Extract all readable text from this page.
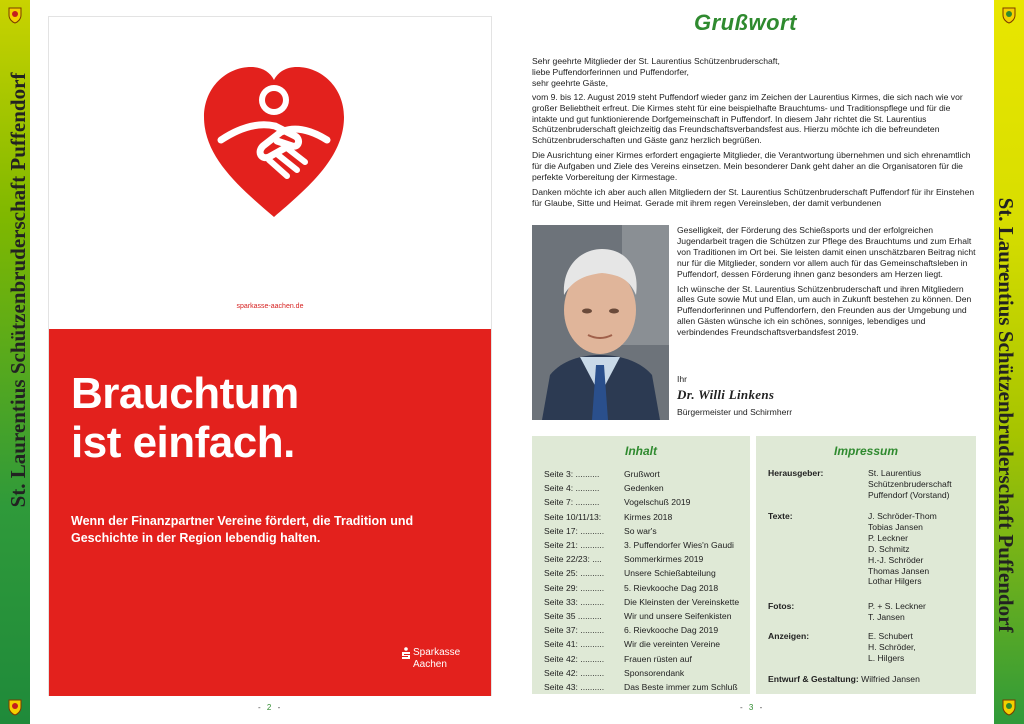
St. Laurentius Schützenbruderschaft Puffendorf	St. Laurentius Schützenbruderschaft Puffendorf
sparkasse-aachen.de
Brauchtum
ist einfach.
Wenn der Finanzpartner Vereine fördert, die Tradition und Geschichte in der Region lebendig halten.
Sparkasse
Aachen
- 2 -
Grußwort

Sehr geehrte Mitglieder der St. Laurentius Schützenbruderschaft,
liebe Puffendorferinnen und Puffendorfer,
sehr geehrte Gäste,

vom 9. bis 12. August 2019 steht Puffendorf wieder ganz im Zeichen der Laurentius Kirmes, die sich nach wie vor großer Beliebtheit erfreut. Die Kirmes steht für eine beispielhafte Brauchtums- und Traditionspflege und für die intakte und gut funktionierende Dorfgemeinschaft in Puffendorf. In diesem Jahr richtet die St. Laurentius Schützenbruderschaft gleichzeitig das Freundschaftsverbandsfest aus. Hierzu möchte ich die befreundeten Schützenbruderschaften und Gäste ganz herzlich begrüßen.

Die Ausrichtung einer Kirmes erfordert engagierte Mitglieder, die Verantwortung übernehmen und sich ehrenamtlich für die Aufgaben und Ziele des Vereins einsetzen. Mein besonderer Dank geht daher an die Organisatoren für die perfekte Vorbereitung der Kirmestage.

Danken möchte ich aber auch allen Mitgliedern der St. Laurentius Schützenbruderschaft Puffendorf für ihr Einstehen für Glaube, Sitte und Heimat. Gerade mit ihrem regen Vereinsleben, der damit verbundenen

Geselligkeit, der Förderung des Schießsports und der erfolgreichen Jugendarbeit tragen die Schützen zur Pflege des Brauchtums und zum Erhalt von Traditionen im Ort bei. Sie leisten damit einen unschätzbaren Beitrag nicht nur für die Mitglieder, sondern vor allem auch für das Gemeinschaftsleben in Puffendorf, dessen Förderung ihnen ganz besonders am Herzen liegt.

Ich wünsche der St. Laurentius Schützenbruderschaft und ihren Mitgliedern alles Gute sowie Mut und Elan, um auch in Zukunft bestehen zu können. Den Puffendorferinnen und Puffendorfern, den Freunden aus der Umgebung und allen Gästen wünsche ich ein schönes, sonniges, lebendiges und verbindendes Freundschaftsverbandsfest 2019.

Ihr
Dr. Willi Linkens
Bürgermeister und Schirmherr
Inhalt
Seite 3: ..........	Grußwort
Seite 4: ..........	Gedenken
Seite 7: ..........	Vogelschuß 2019
Seite 10/11/13:	Kirmes 2018
Seite 17: ..........	So war's
Seite 21: ..........	3. Puffendorfer Wies'n Gaudi
Seite 22/23: ....	Sommerkirmes 2019
Seite 25: ..........	Unsere Schießabteilung
Seite 29: ..........	5. Rievkooche Dag 2018
Seite 33: ..........	Die Kleinsten der Vereinskette
Seite 35 ..........	Wir und unsere Seifenkisten
Seite 37: ..........	6. Rievkooche Dag 2019
Seite 41: ..........	Wir die vereinten Vereine
Seite 42: ..........	Frauen rüsten auf
Seite 42: ..........	Sponsorendank
Seite 43: ..........	Das Beste immer zum Schluß
Impressum
Herausgeber:	St. Laurentius
Schützenbruderschaft
Puffendorf (Vorstand)
Texte:	J. Schröder-Thom
Tobias Jansen
P. Leckner
D. Schmitz
H.-J. Schröder
Thomas Jansen
Lothar Hilgers
Fotos:	P. + S. Leckner
T. Jansen
Anzeigen:	E. Schubert
H. Schröder,
L. Hilgers
Entwurf & Gestaltung: Wilfried Jansen
- 3 -
